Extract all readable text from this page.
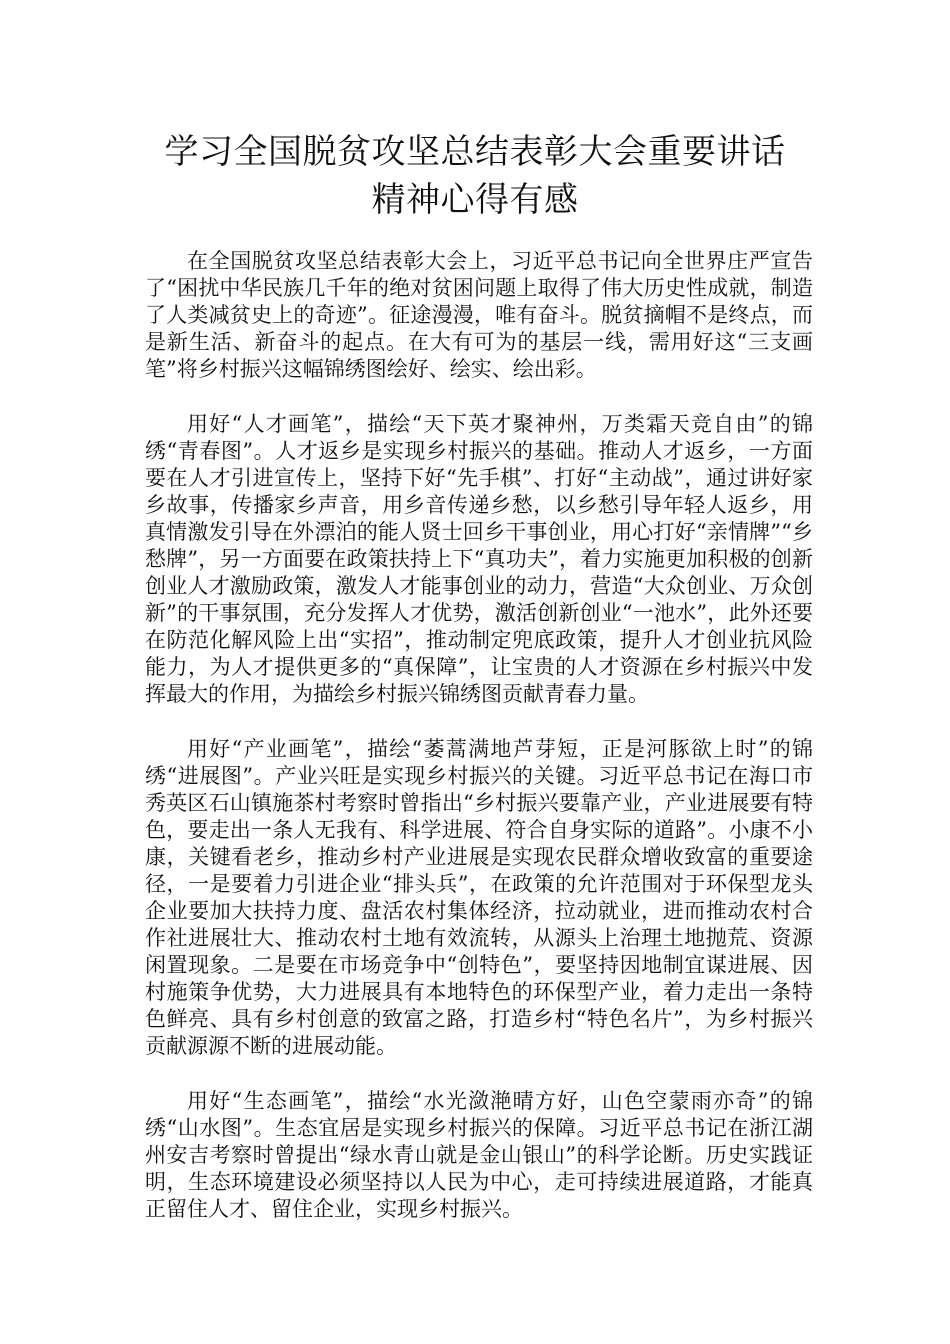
学习全国脱贫攻坚总结表彰大会重要讲话
精神心得有感

在全国脱贫攻坚总结表彰大会上，习近平总书记向全世界庄严宣告了“困扰中华民族几千年的绝对贫困问题上取得了伟大历史性成就，制造了人类减贫史上的奇迹”。征途漫漫，唯有奋斗。脱贫摘帽不是终点，而是新生活、新奋斗的起点。在大有可为的基层一线，需用好这“三支画笔”将乡村振兴这幅锦绣图绘好、绘实、绘出彩。

用好“人才画笔”，描绘“天下英才聚神州，万类霜天竞自由”的锦绣“青春图”。人才返乡是实现乡村振兴的基础。推动人才返乡，一方面要在人才引进宣传上，坚持下好“先手棋”、打好“主动战”，通过讲好家乡故事，传播家乡声音，用乡音传递乡愁，以乡愁引导年轻人返乡，用真情激发引导在外漂泊的能人贤士回乡干事创业，用心打好“亲情牌”“乡愁牌”，另一方面要在政策扶持上下“真功夫”，着力实施更加积极的创新创业人才激励政策，激发人才能事创业的动力，营造“大众创业、万众创新”的干事氛围，充分发挥人才优势，激活创新创业“一池水”，此外还要在防范化解风险上出“实招”，推动制定兜底政策，提升人才创业抗风险能力，为人才提供更多的“真保障”，让宝贵的人才资源在乡村振兴中发挥最大的作用，为描绘乡村振兴锦绣图贡献青春力量。

用好“产业画笔”，描绘“萎蒿满地芦芽短，正是河豚欲上时”的锦绣“进展图”。产业兴旺是实现乡村振兴的关键。习近平总书记在海口市秀英区石山镇施茶村考察时曾指出“乡村振兴要靠产业，产业进展要有特色，要走出一条人无我有、科学进展、符合自身实际的道路”。小康不小康，关键看老乡，推动乡村产业进展是实现农民群众增收致富的重要途径，一是要着力引进企业“排头兵”，在政策的允许范围对于环保型龙头企业要加大扶持力度、盘活农村集体经济，拉动就业，进而推动农村合作社进展壮大、推动农村土地有效流转，从源头上治理土地抛荒、资源闲置现象。二是要在市场竞争中“创特色”，要坚持因地制宜谋进展、因村施策争优势，大力进展具有本地特色的环保型产业，着力走出一条特色鲜亮、具有乡村创意的致富之路，打造乡村“特色名片”，为乡村振兴贡献源源不断的进展动能。

用好“生态画笔”，描绘“水光潋滟晴方好，山色空蒙雨亦奇”的锦绣“山水图”。生态宜居是实现乡村振兴的保障。习近平总书记在浙江湖州安吉考察时曾提出“绿水青山就是金山银山”的科学论断。历史实践证明，生态环境建设必须坚持以人民为中心，走可持续进展道路，才能真正留住人才、留住企业，实现乡村振兴。
